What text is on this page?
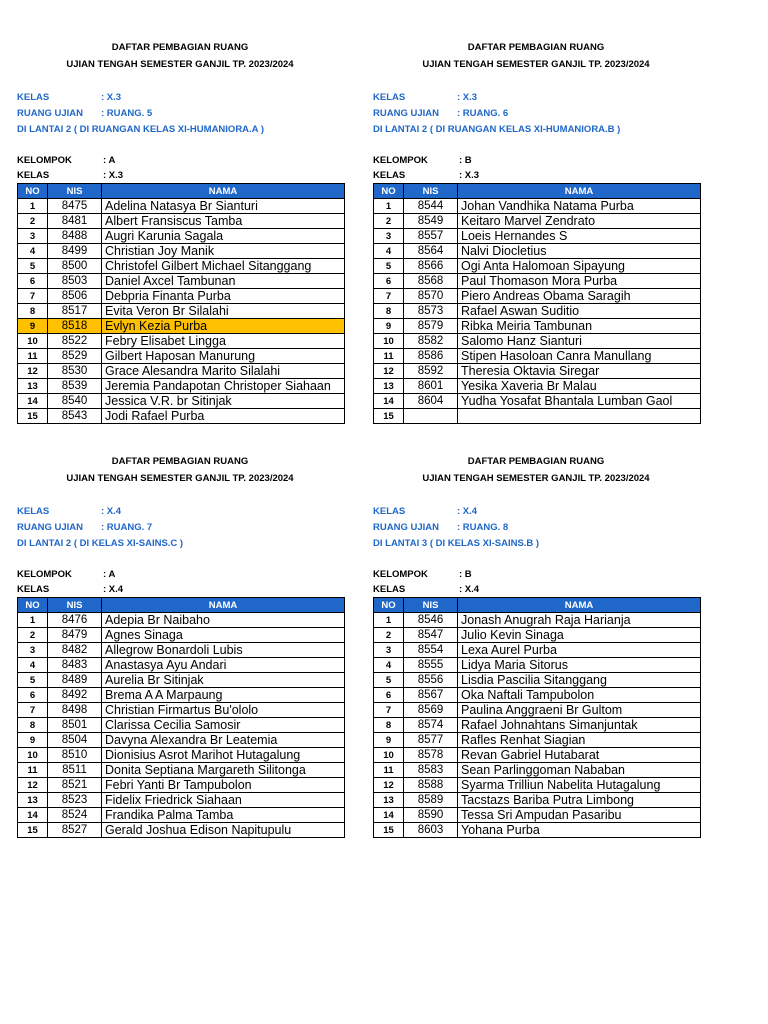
DAFTAR PEMBAGIAN RUANG
UJIAN TENGAH SEMESTER GANJIL TP. 2023/2024
KELAS	: X.3
RUANG UJIAN	: RUANG. 5
DI LANTAI 2 ( DI RUANGAN KELAS XI-HUMANIORA.A )
KELOMPOK	: A
KELAS	: X.3
NO	NIS	NAMA
1	8475	Adelina Natasya Br Sianturi
2	8481	Albert Fransiscus Tamba
3	8488	Augri Karunia Sagala
4	8499	Christian Joy Manik
5	8500	Christofel Gilbert Michael Sitanggang
6	8503	Daniel Axcel Tambunan
7	8506	Debpria Finanta Purba
8	8517	Evita Veron Br Silalahi
9	8518	Evlyn Kezia Purba
10	8522	Febry Elisabet Lingga
11	8529	Gilbert Haposan Manurung
12	8530	Grace Alesandra Marito Silalahi
13	8539	Jeremia Pandapotan Christoper Siahaan
14	8540	Jessica V.R. br Sitinjak
15	8543	Jodi Rafael Purba
DAFTAR PEMBAGIAN RUANG
UJIAN TENGAH SEMESTER GANJIL TP. 2023/2024
KELAS	: X.3
RUANG UJIAN	: RUANG. 6
DI LANTAI 2 ( DI RUANGAN KELAS XI-HUMANIORA.B )
KELOMPOK	: B
KELAS	: X.3
NO	NIS	NAMA
1	8544	Johan Vandhika Natama Purba
2	8549	Keitaro Marvel Zendrato
3	8557	Loeis Hernandes S
4	8564	Nalvi Diocletius
5	8566	Ogi Anta Halomoan Sipayung
6	8568	Paul Thomason Mora Purba
7	8570	Piero Andreas Obama Saragih
8	8573	Rafael Aswan Suditio
9	8579	Ribka Meiria Tambunan
10	8582	Salomo Hanz Sianturi
11	8586	Stipen Hasoloan Canra Manullang
12	8592	Theresia Oktavia Siregar
13	8601	Yesika Xaveria Br Malau
14	8604	Yudha Yosafat Bhantala Lumban Gaol
15		
DAFTAR PEMBAGIAN RUANG
UJIAN TENGAH SEMESTER GANJIL TP. 2023/2024
KELAS	: X.4
RUANG UJIAN	: RUANG. 7
DI LANTAI 2 ( DI KELAS XI-SAINS.C )
KELOMPOK	: A
KELAS	: X.4
NO	NIS	NAMA
1	8476	Adepia Br Naibaho
2	8479	Agnes Sinaga
3	8482	Allegrow Bonardoli Lubis
4	8483	Anastasya Ayu Andari
5	8489	Aurelia Br Sitinjak
6	8492	Brema A A Marpaung
7	8498	Christian Firmartus Bu'ololo
8	8501	Clarissa Cecilia Samosir
9	8504	Davyna Alexandra Br Leatemia
10	8510	Dionisius Asrot Marihot Hutagalung
11	8511	Donita Septiana Margareth Silitonga
12	8521	Febri Yanti Br Tampubolon
13	8523	Fidelix Friedrick Siahaan
14	8524	Frandika Palma Tamba
15	8527	Gerald Joshua Edison Napitupulu
DAFTAR PEMBAGIAN RUANG
UJIAN TENGAH SEMESTER GANJIL TP. 2023/2024
KELAS	: X.4
RUANG UJIAN	: RUANG. 8
DI LANTAI 3 ( DI KELAS XI-SAINS.B )
KELOMPOK	: B
KELAS	: X.4
NO	NIS	NAMA
1	8546	Jonash Anugrah Raja Harianja
2	8547	Julio Kevin Sinaga
3	8554	Lexa Aurel Purba
4	8555	Lidya Maria Sitorus
5	8556	Lisdia Pascilia Sitanggang
6	8567	Oka Naftali Tampubolon
7	8569	Paulina Anggraeni Br Gultom
8	8574	Rafael Johnahtans Simanjuntak
9	8577	Rafles Renhat Siagian
10	8578	Revan Gabriel Hutabarat
11	8583	Sean Parlinggoman Nababan
12	8588	Syarma Trilliun Nabelita Hutagalung
13	8589	Tacstazs Bariba Putra Limbong
14	8590	Tessa Sri Ampudan Pasaribu
15	8603	Yohana Purba
